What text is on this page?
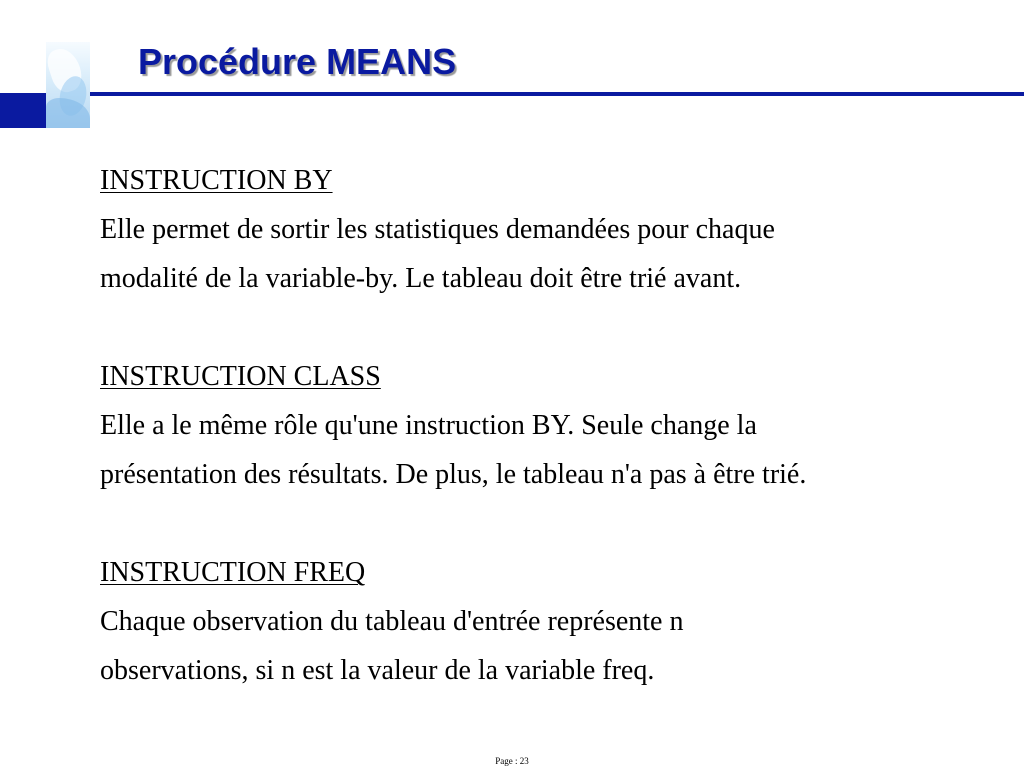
Procédure MEANS
INSTRUCTION BY
Elle permet de sortir les statistiques demandées pour chaque
modalité de la variable-by. Le tableau doit être trié avant.
INSTRUCTION CLASS
Elle a le même rôle qu'une instruction BY. Seule change la
présentation des résultats. De plus, le tableau n'a pas à être trié.
INSTRUCTION FREQ
Chaque observation du tableau d'entrée représente n
observations, si n est la valeur de la variable freq.
Page : 23
